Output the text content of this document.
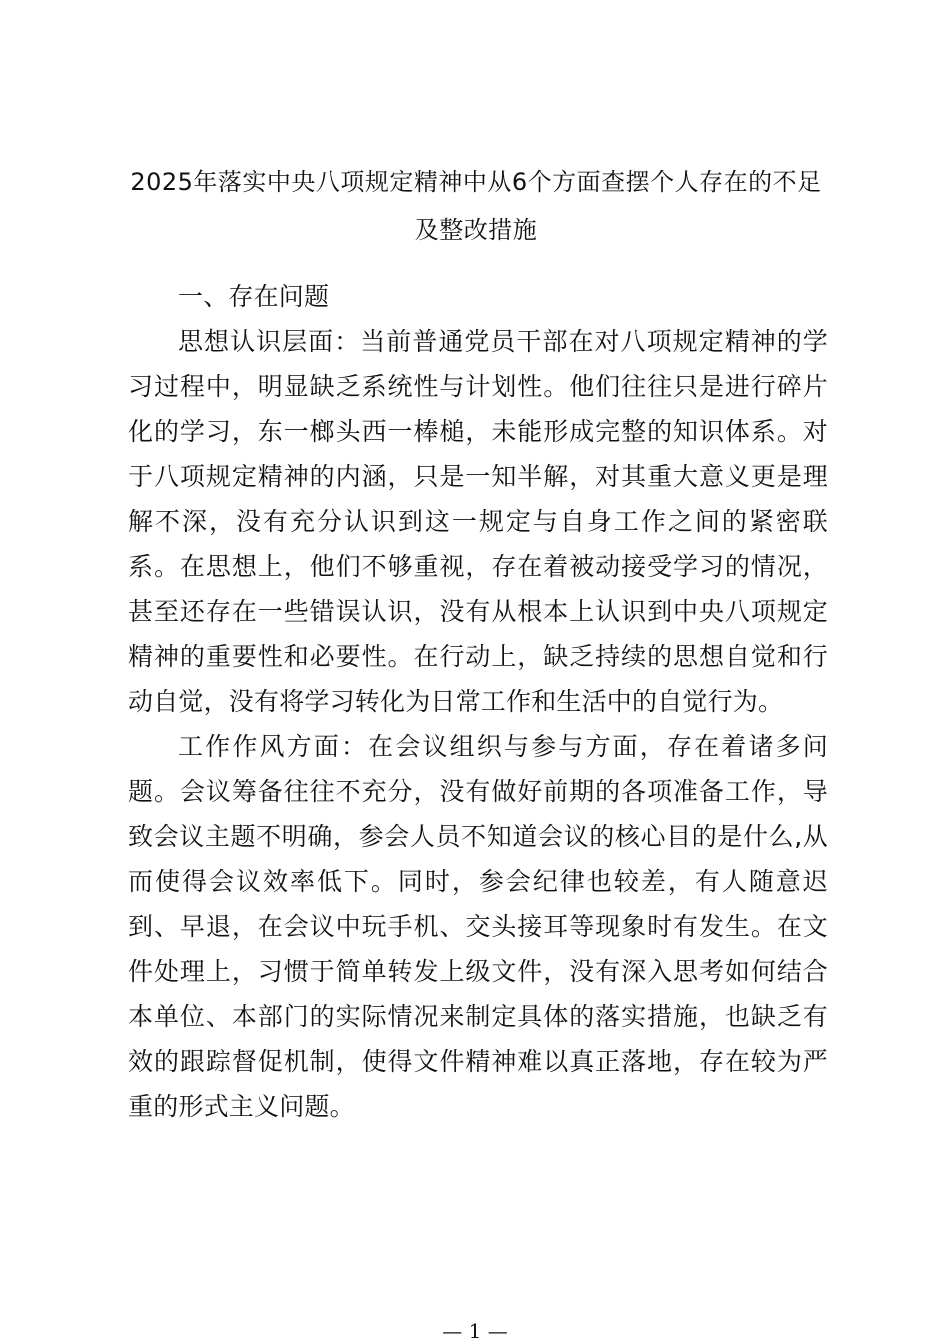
2025年落实中央八项规定精神中从6个方面查摆个人存在的不足及整改措施

一、存在问题

思想认识层面：当前普通党员干部在对八项规定精神的学习过程中，明显缺乏系统性与计划性。他们往往只是进行碎片化的学习，东一榔头西一棒槌，未能形成完整的知识体系。对于八项规定精神的内涵，只是一知半解，对其重大意义更是理解不深，没有充分认识到这一规定与自身工作之间的紧密联系。在思想上，他们不够重视，存在着被动接受学习的情况，甚至还存在一些错误认识，没有从根本上认识到中央八项规定精神的重要性和必要性。在行动上，缺乏持续的思想自觉和行动自觉，没有将学习转化为日常工作和生活中的自觉行为。

工作作风方面：在会议组织与参与方面，存在着诸多问题。会议筹备往往不充分，没有做好前期的各项准备工作，导致会议主题不明确，参会人员不知道会议的核心目的是什么,从而使得会议效率低下。同时，参会纪律也较差，有人随意迟到、早退，在会议中玩手机、交头接耳等现象时有发生。在文件处理上，习惯于简单转发上级文件，没有深入思考如何结合本单位、本部门的实际情况来制定具体的落实措施，也缺乏有效的跟踪督促机制，使得文件精神难以真正落地，存在较为严重的形式主义问题。

— 1 —
